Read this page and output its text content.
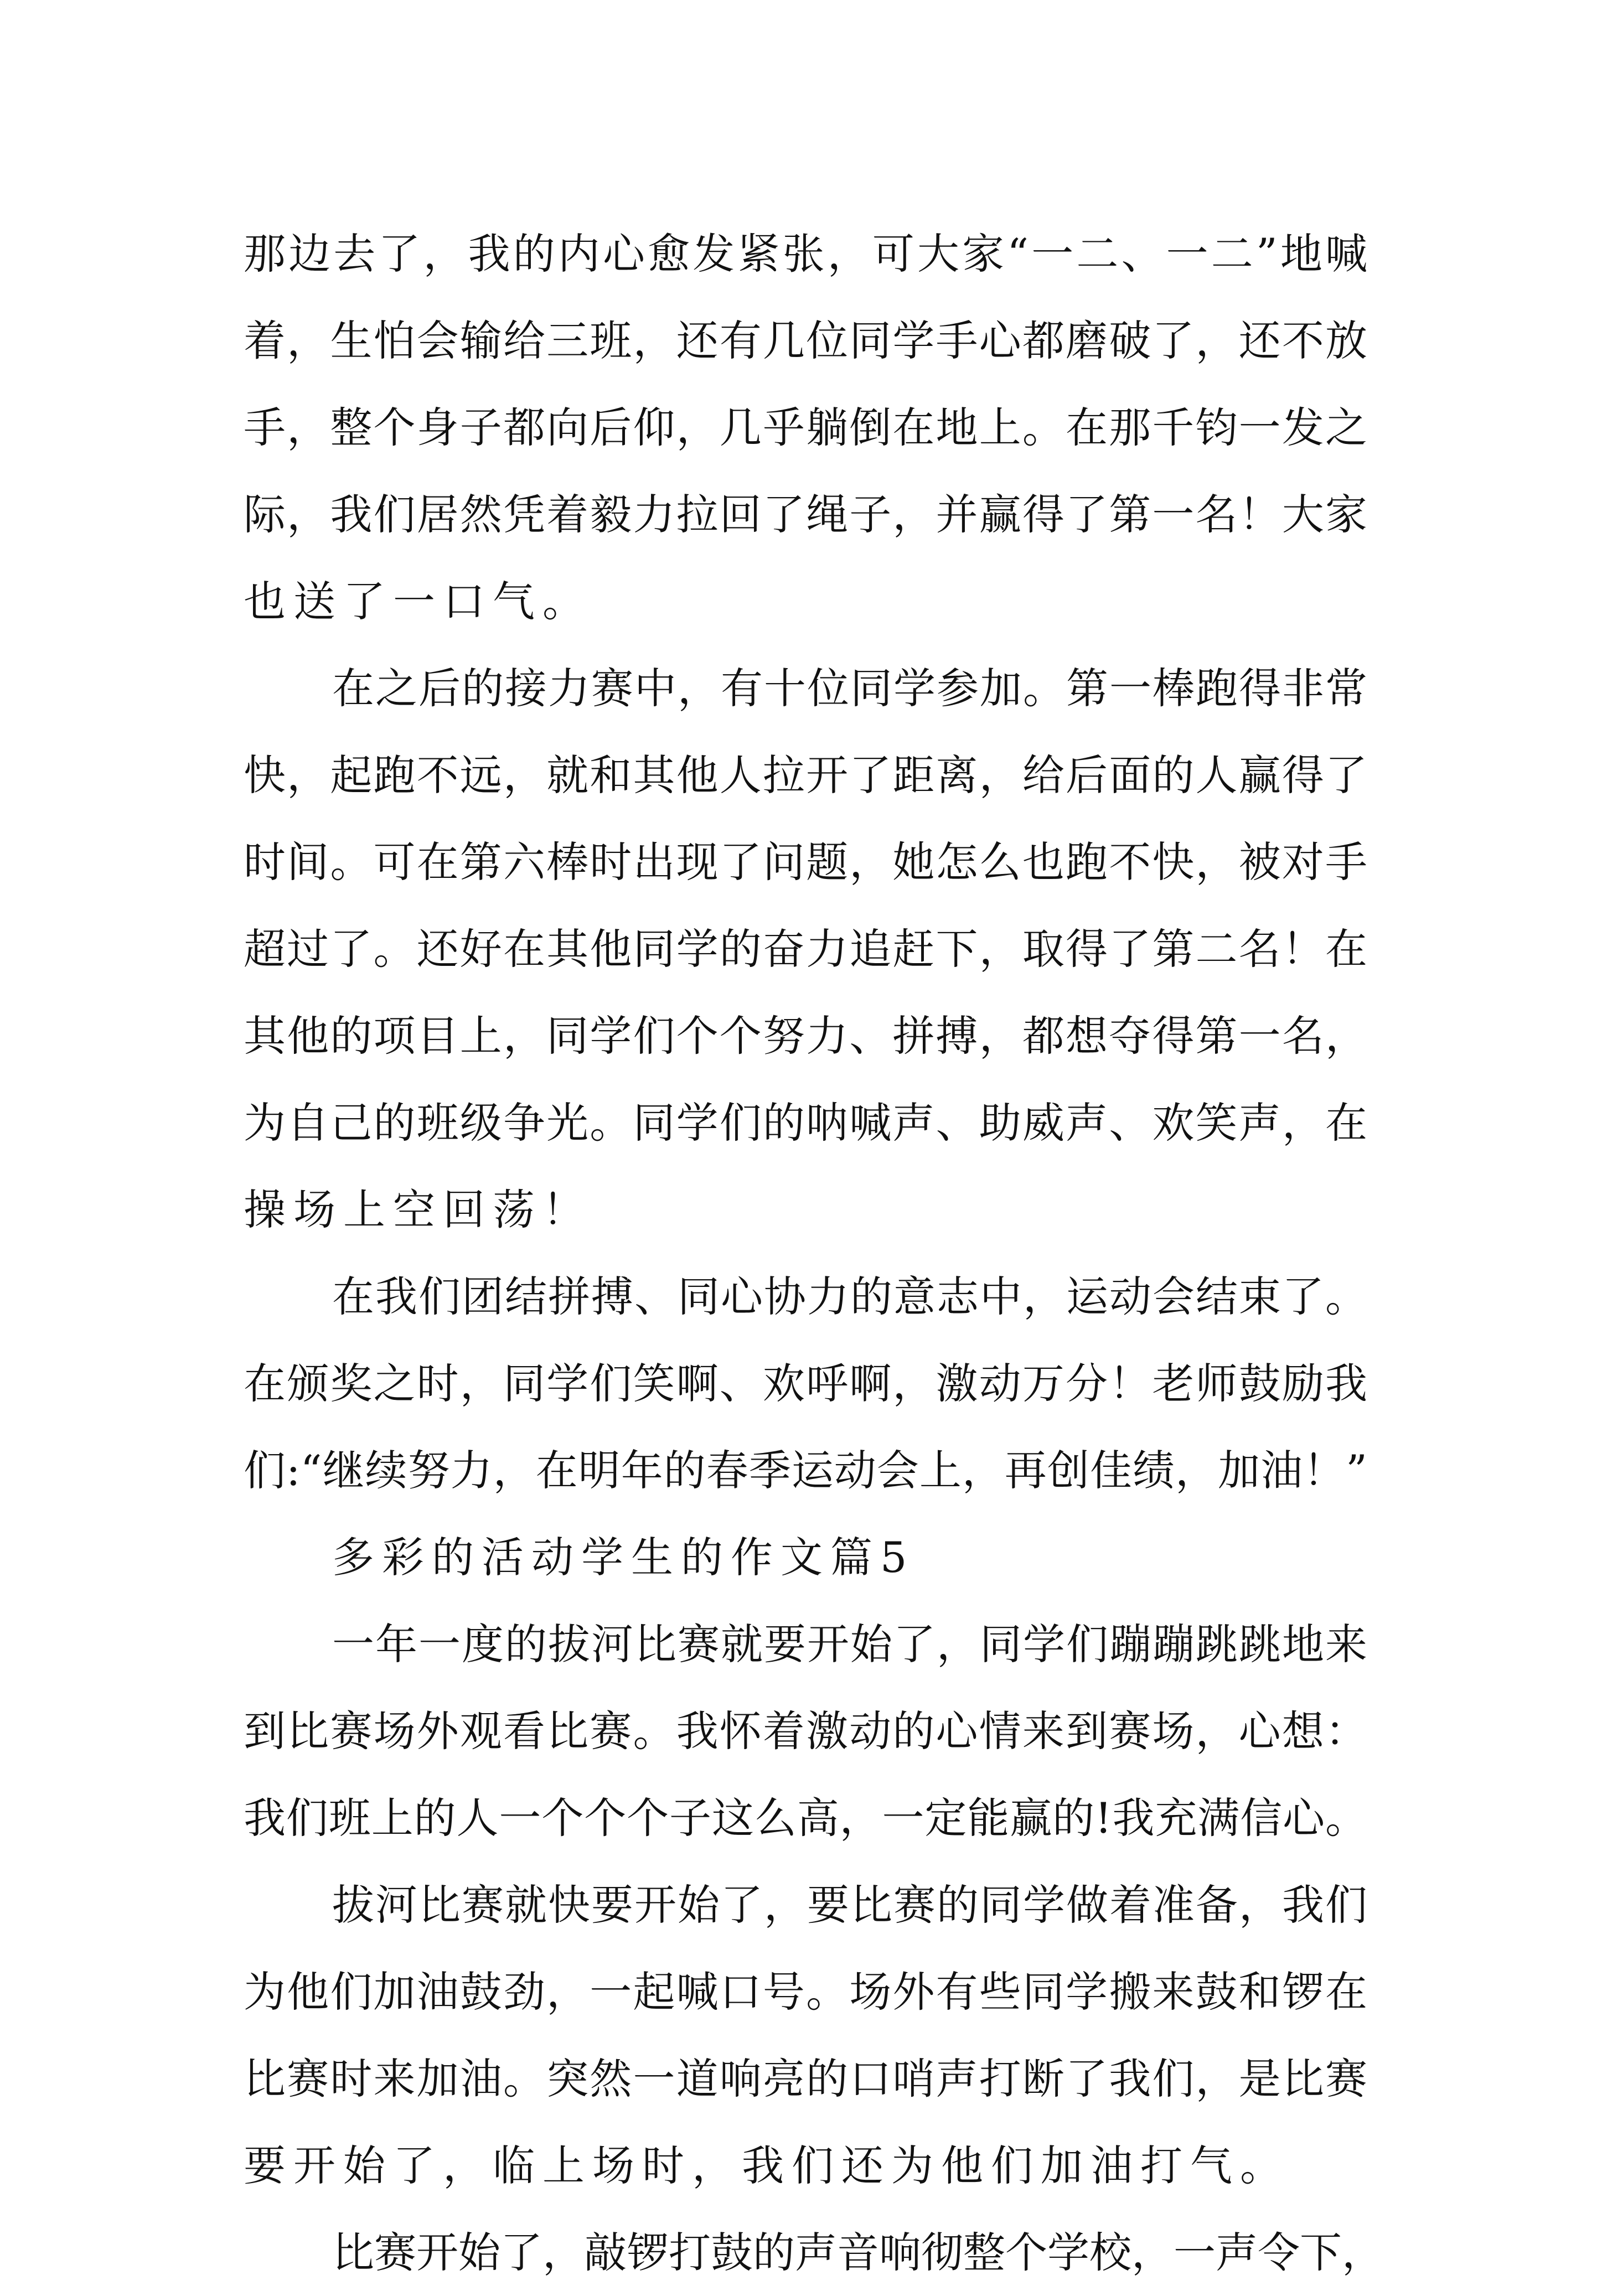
那边去了，我的内心愈发紧张，可大家“一二、一二”地喊
着，生怕会输给三班，还有几位同学手心都磨破了，还不放
手，整个身子都向后仰，几乎躺倒在地上。在那千钧一发之
际，我们居然凭着毅力拉回了绳子，并赢得了第一名！大家
也送了一口气。
在之后的接力赛中，有十位同学参加。第一棒跑得非常
快，起跑不远，就和其他人拉开了距离，给后面的人赢得了
时间。可在第六棒时出现了问题，她怎么也跑不快，被对手
超过了。还好在其他同学的奋力追赶下，取得了第二名！在
其他的项目上，同学们个个努力、拼搏，都想夺得第一名，
为自己的班级争光。同学们的呐喊声、助威声、欢笑声，在
操场上空回荡！
在我们团结拼搏、同心协力的意志中，运动会结束了。
在颁奖之时，同学们笑啊、欢呼啊，激动万分！老师鼓励我
们:“继续努力，在明年的春季运动会上，再创佳绩，加油！”
多彩的活动学生的作文篇5
一年一度的拔河比赛就要开始了，同学们蹦蹦跳跳地来
到比赛场外观看比赛。我怀着激动的心情来到赛场，心想：
我们班上的人一个个个子这么高，一定能赢的!我充满信心。
拔河比赛就快要开始了，要比赛的同学做着准备，我们
为他们加油鼓劲，一起喊口号。场外有些同学搬来鼓和锣在
比赛时来加油。突然一道响亮的口哨声打断了我们，是比赛
要开始了，临上场时，我们还为他们加油打气。
比赛开始了，敲锣打鼓的声音响彻整个学校，一声令下，
